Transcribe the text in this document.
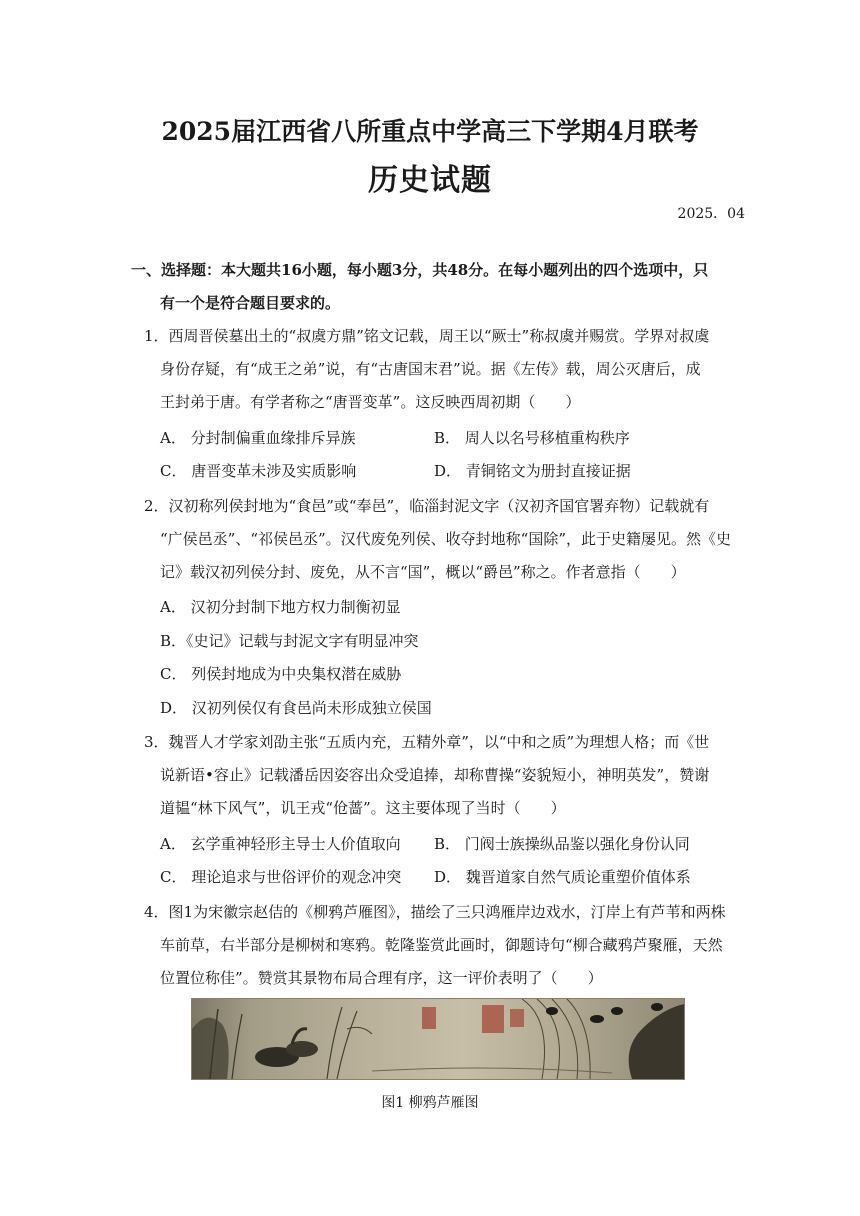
2025届江西省八所重点中学高三下学期4月联考
历史试题
2025．04
一、选择题：本大题共16小题，每小题3分，共48分。在每小题列出的四个选项中，只
有一个是符合题目要求的。
1．西周晋侯墓出土的“叔虞方鼎”铭文记载，周王以“厥士”称叔虞并赐赏。学界对叔虞
身份存疑，有“成王之弟”说，有“古唐国末君”说。据《左传》载，周公灭唐后，成
王封弟于唐。有学者称之“唐晋变革”。这反映西周初期（　　）
A． 分封制偏重血缘排斥异族	B． 周人以名号移植重构秩序
C． 唐晋变革未涉及实质影响	D． 青铜铭文为册封直接证据
2．汉初称列侯封地为“食邑”或“奉邑”，临淄封泥文字（汉初齐国官署弃物）记载就有
“广侯邑丞”、“祁侯邑丞”。汉代废免列侯、收夺封地称“国除”，此于史籍屡见。然《史
记》载汉初列侯分封、废免，从不言“国”，概以“爵邑”称之。作者意指（　　）
A． 汉初分封制下地方权力制衡初显
B．《史记》记载与封泥文字有明显冲突
C． 列侯封地成为中央集权潜在威胁
D． 汉初列侯仅有食邑尚未形成独立侯国
3．魏晋人才学家刘劭主张“五质内充，五精外章”，以“中和之质”为理想人格；而《世
说新语•容止》记载潘岳因姿容出众受追捧，却称曹操“姿貌短小，神明英发”，赞谢
道韫“林下风气”，讥王戎“伧蔷”。这主要体现了当时（　　）
A． 玄学重神轻形主导士人价值取向 B． 门阀士族操纵品鉴以强化身份认同
C． 理论追求与世俗评价的观念冲突 D． 魏晋道家自然气质论重塑价值体系
4．图1为宋徽宗赵佶的《柳鸦芦雁图》，描绘了三只鸿雁岸边戏水，汀岸上有芦苇和两株
车前草，右半部分是柳树和寒鸦。乾隆鉴赏此画时，御题诗句“柳合藏鸦芦聚雁，天然
位置位称佳”。赞赏其景物布局合理有序，这一评价表明了（　　）
图1 柳鸦芦雁图
